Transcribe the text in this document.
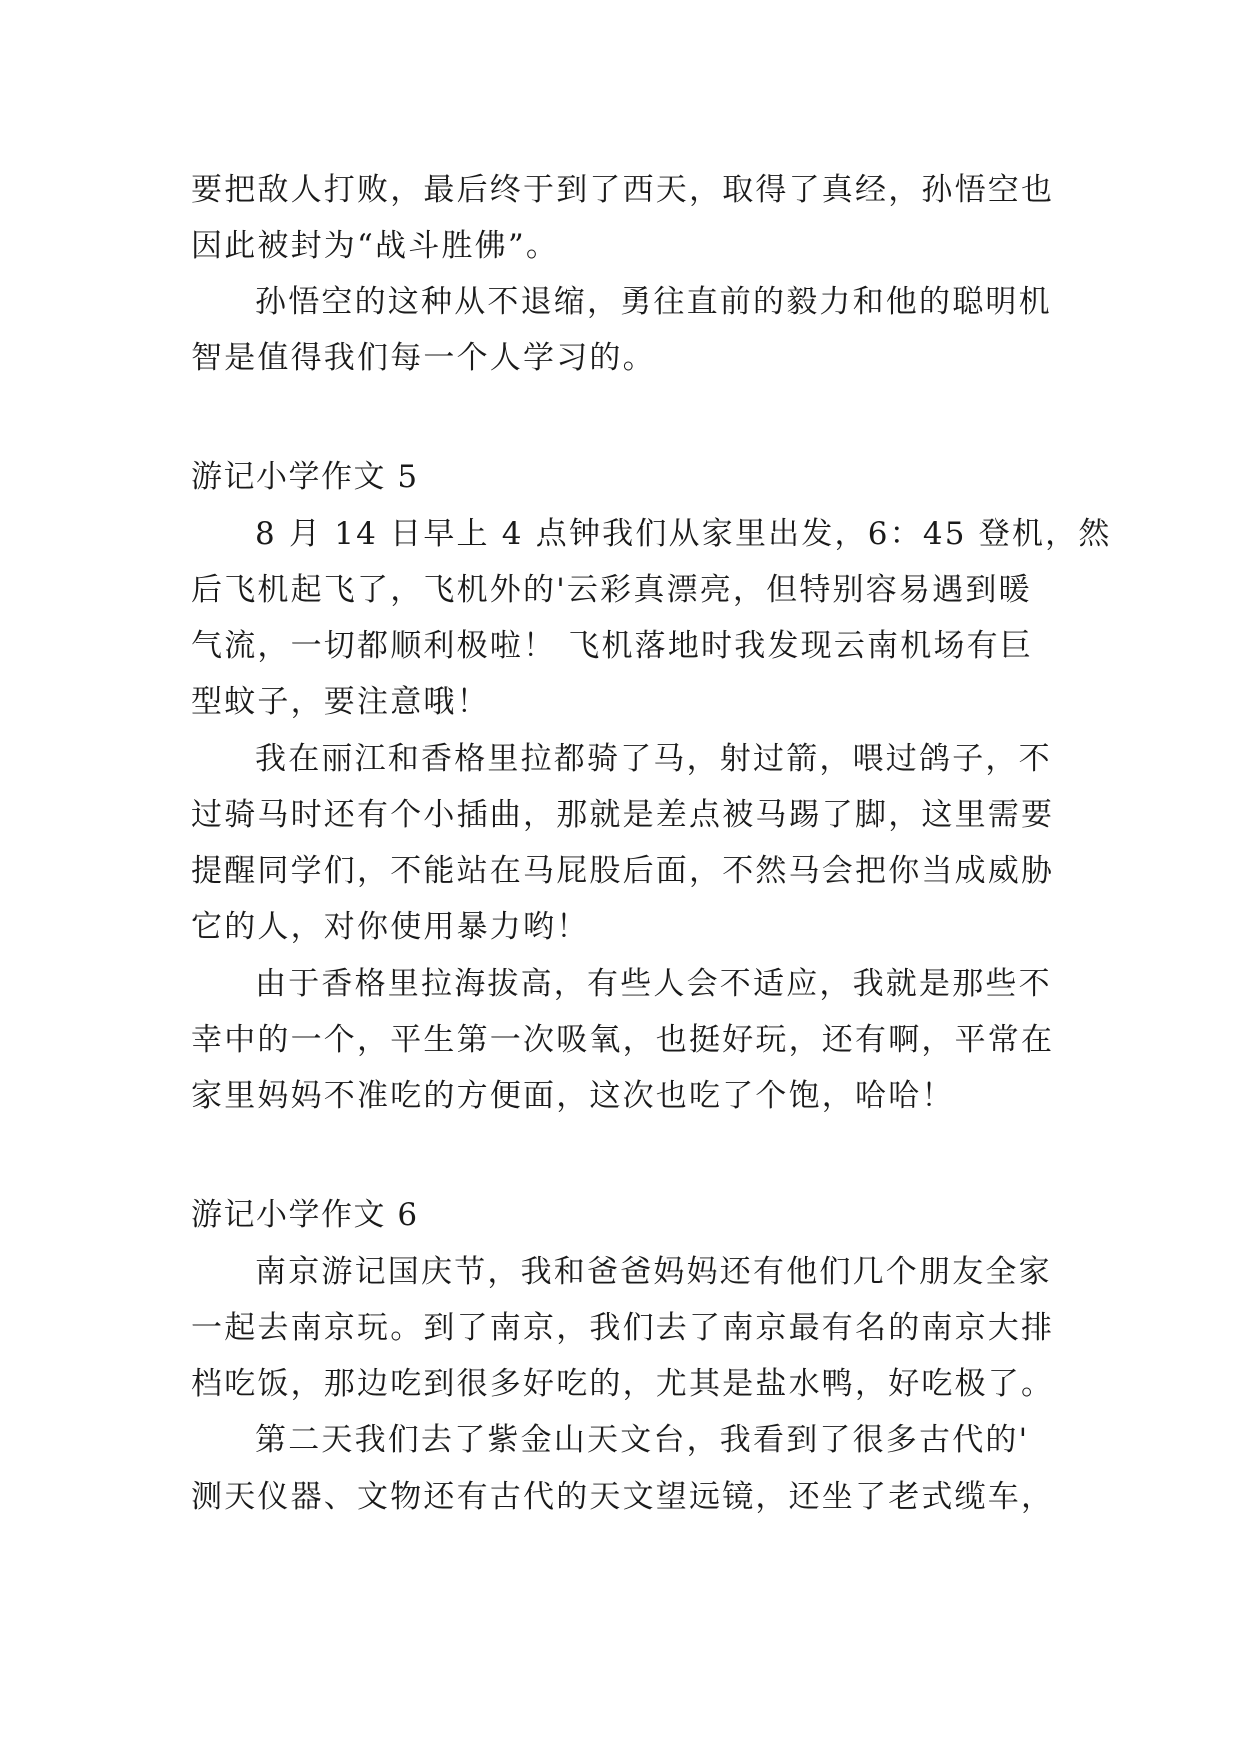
要把敌人打败，最后终于到了西天，取得了真经，孙悟空也
因此被封为“战斗胜佛”。
孙悟空的这种从不退缩，勇往直前的毅力和他的聪明机
智是值得我们每一个人学习的。
游记小学作文 5
8 月 14 日早上 4 点钟我们从家里出发，6：45 登机，然
后飞机起飞了，飞机外的'云彩真漂亮，但特别容易遇到暖
气流，一切都顺利极啦！ 飞机落地时我发现云南机场有巨
型蚊子，要注意哦！
我在丽江和香格里拉都骑了马，射过箭，喂过鸽子，不
过骑马时还有个小插曲，那就是差点被马踢了脚，这里需要
提醒同学们，不能站在马屁股后面，不然马会把你当成威胁
它的人，对你使用暴力哟！
由于香格里拉海拔高，有些人会不适应，我就是那些不
幸中的一个，平生第一次吸氧，也挺好玩，还有啊，平常在
家里妈妈不准吃的方便面，这次也吃了个饱，哈哈！
游记小学作文 6
南京游记国庆节，我和爸爸妈妈还有他们几个朋友全家
一起去南京玩。到了南京，我们去了南京最有名的南京大排
档吃饭，那边吃到很多好吃的，尤其是盐水鸭，好吃极了。
第二天我们去了紫金山天文台，我看到了很多古代的'
测天仪器、文物还有古代的天文望远镜，还坐了老式缆车，
